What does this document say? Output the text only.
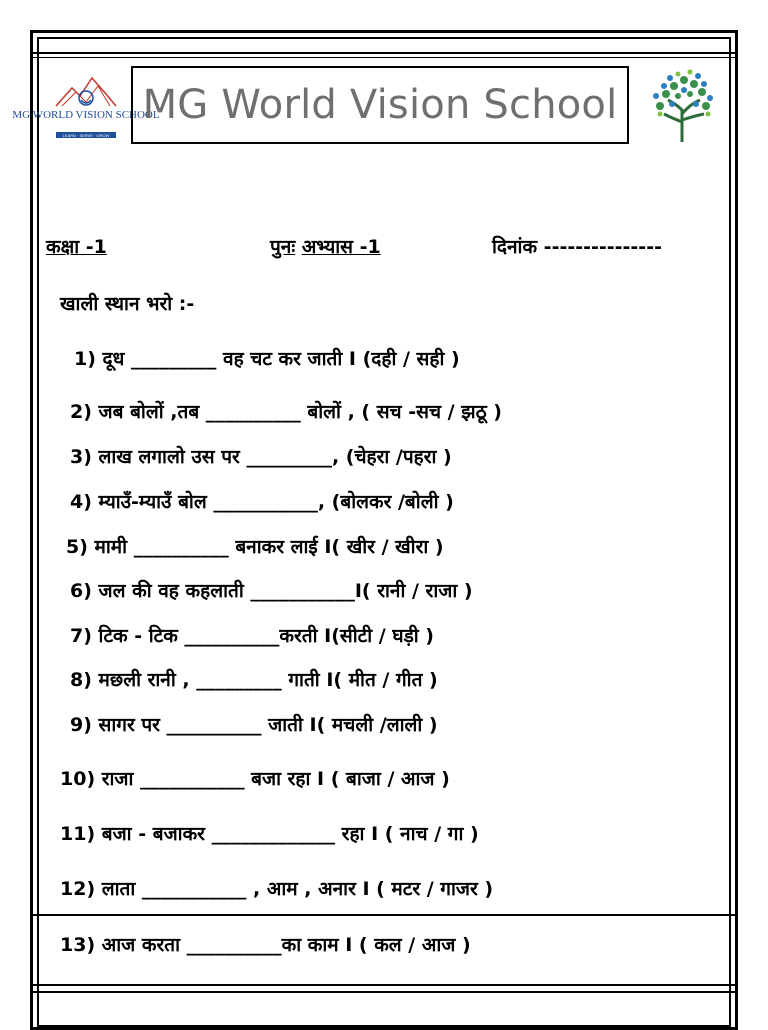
MG WORLD VISION SCHOOL
LEARN · SERVE · GROW
MG World Vision School
कक्षा -1	पुनः अभ्यास -1	दिनांक ---------------
खाली स्थान भरो :-
1) दूध _________ वह चट कर जाती I (दही / सही )
2) जब बोलों ,तब __________ बोलों , ( सच -सच / झठू )
3) लाख लगालो उस पर _________, (चेहरा /पहरा )
4) म्याउँ-म्याउँ बोल ___________, (बोलकर /बोली )
5) मामी __________ बनाकर लाई I( खीर / खीरा )
6) जल की वह कहलाती ___________I( रानी / राजा )
7) टिक - टिक __________करती I(सीटी / घड़ी )
8) मछली रानी , _________ गाती I( मीत / गीत )
9) सागर पर __________ जाती I( मचली /लाली )
10) राजा ___________ बजा रहा I ( बाजा / आज )
11) बजा - बजाकर _____________ रहा I ( नाच / गा )
12) लाता ___________ , आम , अनार I ( मटर / गाजर )
13) आज करता __________का काम I ( कल / आज )
